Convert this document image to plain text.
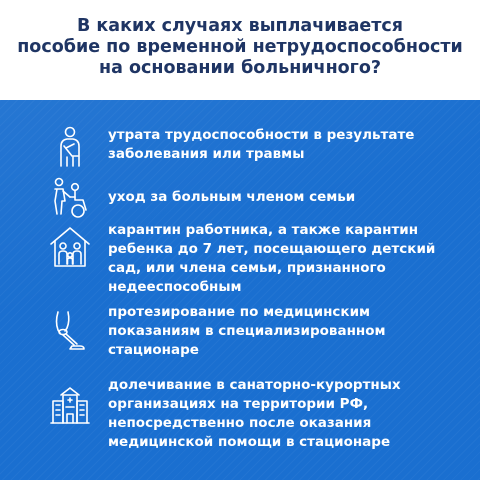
В каких случаях выплачивается
пособие по временной нетрудоспособности
на основании больничного?

утрата трудоспособности в результате
заболевания или травмы

уход за больным членом семьи

карантин работника, а также карантин
ребенка до 7 лет, посещающего детский
сад, или члена семьи, признанного
недееспособным

протезирование по медицинским
показаниям в специализированном
стационаре

долечивание в санаторно-курортных
организациях на территории РФ,
непосредственно после оказания
медицинской помощи в стационаре
